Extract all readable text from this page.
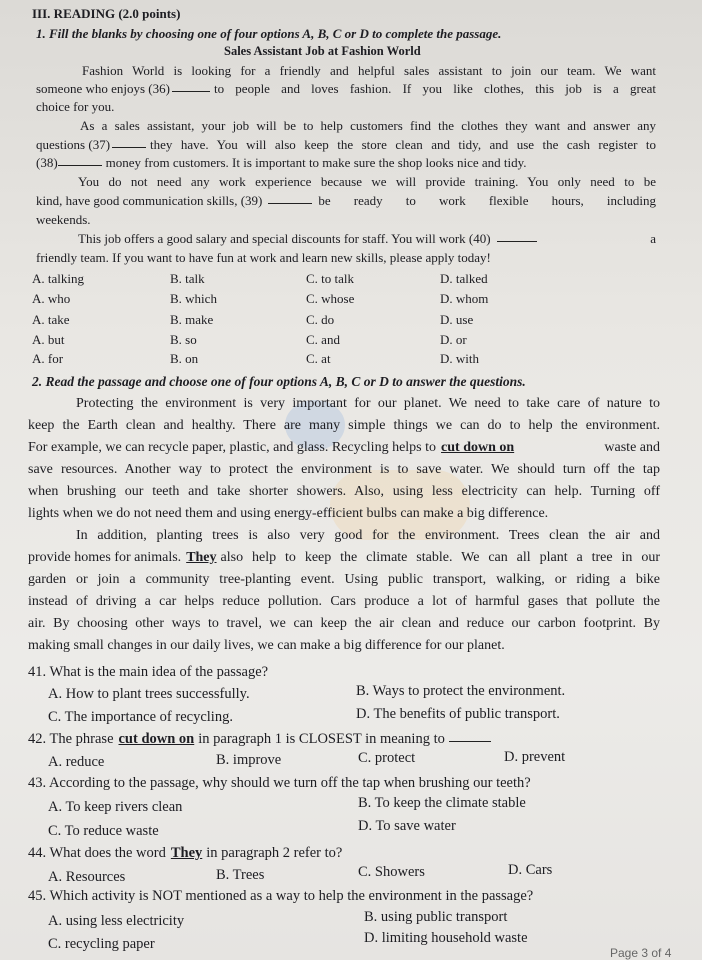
III. READING (2.0 points)
1. Fill the blanks by choosing one of four options A, B, C or D to complete the passage.
Sales Assistant Job at Fashion World
Fashion World is looking for a friendly and helpful sales assistant to join our team. We want
someone who enjoys (36)	to people and loves fashion. If you like clothes, this job is a great
choice for you.
As a sales assistant, your job will be to help customers find the clothes they want and answer any
questions (37)	they have. You will also keep the store clean and tidy, and use the cash register to
(38)	money from customers. It is important to make sure the shop looks nice and tidy.
You do not need any work experience because we will provide training. You only need to be
kind, have good communication skills, (39)	be ready to work flexible hours, including
weekends.
This job offers a good salary and special discounts for staff. You will work (40)	a
friendly team. If you want to have fun at work and learn new skills, please apply today!
A. talking	B. talk	C. to talk	D. talked
A. who	B. which	C. whose	D. whom
A. take	B. make	C. do	D. use
A. but	B. so	C. and	D. or
A. for	B. on	C. at	D. with
2. Read the passage and choose one of four options A, B, C or D to answer the questions.
Protecting the environment is very important for our planet. We need to take care of nature to
keep the Earth clean and healthy. There are many simple things we can do to help the environment.
For example, we can recycle paper, plastic, and glass. Recycling helps to cut down on	waste and
save resources. Another way to protect the environment is to save water. We should turn off the tap
when brushing our teeth and take shorter showers. Also, using less electricity can help. Turning off
lights when we do not need them and using energy-efficient bulbs can make a big difference.
In addition, planting trees is also very good for the environment. Trees clean the air and
provide homes for animals. They also help to keep the climate stable. We can all plant a tree in our
garden or join a community tree-planting event. Using public transport, walking, or riding a bike
instead of driving a car helps reduce pollution. Cars produce a lot of harmful gases that pollute the
air. By choosing other ways to travel, we can keep the air clean and reduce our carbon footprint. By
making small changes in our daily lives, we can make a big difference for our planet.
41. What is the main idea of the passage?
A. How to plant trees successfully.	B. Ways to protect the environment.
C. The importance of recycling.	D. The benefits of public transport.
42. The phrase cut down on in paragraph 1 is CLOSEST in meaning to
A. reduce	B. improve	C. protect	D. prevent
43. According to the passage, why should we turn off the tap when brushing our teeth?
A. To keep rivers clean	B. To keep the climate stable
C. To reduce waste	D. To save water
44. What does the word They in paragraph 2 refer to?
A. Resources	B. Trees	C. Showers	D. Cars
45. Which activity is NOT mentioned as a way to help the environment in the passage?
A. using less electricity	B. using public transport
C. recycling paper	D. limiting household waste
Page 3 of 4
